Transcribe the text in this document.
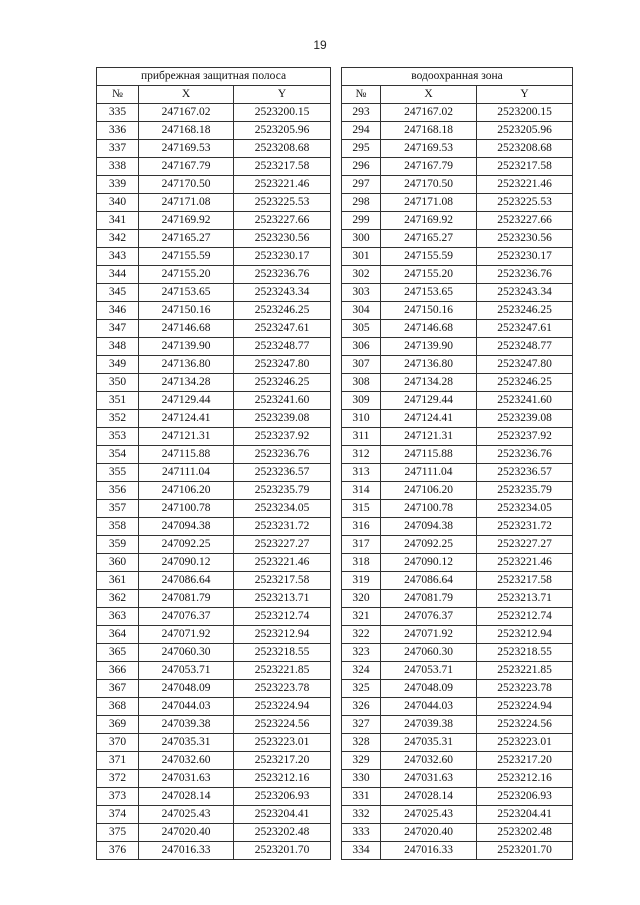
19
прибрежная защитная полоса		
№	X	Y
335	247167.02	2523200.15
336	247168.18	2523205.96
337	247169.53	2523208.68
338	247167.79	2523217.58
339	247170.50	2523221.46
340	247171.08	2523225.53
341	247169.92	2523227.66
342	247165.27	2523230.56
343	247155.59	2523230.17
344	247155.20	2523236.76
345	247153.65	2523243.34
346	247150.16	2523246.25
347	247146.68	2523247.61
348	247139.90	2523248.77
349	247136.80	2523247.80
350	247134.28	2523246.25
351	247129.44	2523241.60
352	247124.41	2523239.08
353	247121.31	2523237.92
354	247115.88	2523236.76
355	247111.04	2523236.57
356	247106.20	2523235.79
357	247100.78	2523234.05
358	247094.38	2523231.72
359	247092.25	2523227.27
360	247090.12	2523221.46
361	247086.64	2523217.58
362	247081.79	2523213.71
363	247076.37	2523212.74
364	247071.92	2523212.94
365	247060.30	2523218.55
366	247053.71	2523221.85
367	247048.09	2523223.78
368	247044.03	2523224.94
369	247039.38	2523224.56
370	247035.31	2523223.01
371	247032.60	2523217.20
372	247031.63	2523212.16
373	247028.14	2523206.93
374	247025.43	2523204.41
375	247020.40	2523202.48
376	247016.33	2523201.70
водоохранная зона		
№	X	Y
293	247167.02	2523200.15
294	247168.18	2523205.96
295	247169.53	2523208.68
296	247167.79	2523217.58
297	247170.50	2523221.46
298	247171.08	2523225.53
299	247169.92	2523227.66
300	247165.27	2523230.56
301	247155.59	2523230.17
302	247155.20	2523236.76
303	247153.65	2523243.34
304	247150.16	2523246.25
305	247146.68	2523247.61
306	247139.90	2523248.77
307	247136.80	2523247.80
308	247134.28	2523246.25
309	247129.44	2523241.60
310	247124.41	2523239.08
311	247121.31	2523237.92
312	247115.88	2523236.76
313	247111.04	2523236.57
314	247106.20	2523235.79
315	247100.78	2523234.05
316	247094.38	2523231.72
317	247092.25	2523227.27
318	247090.12	2523221.46
319	247086.64	2523217.58
320	247081.79	2523213.71
321	247076.37	2523212.74
322	247071.92	2523212.94
323	247060.30	2523218.55
324	247053.71	2523221.85
325	247048.09	2523223.78
326	247044.03	2523224.94
327	247039.38	2523224.56
328	247035.31	2523223.01
329	247032.60	2523217.20
330	247031.63	2523212.16
331	247028.14	2523206.93
332	247025.43	2523204.41
333	247020.40	2523202.48
334	247016.33	2523201.70
